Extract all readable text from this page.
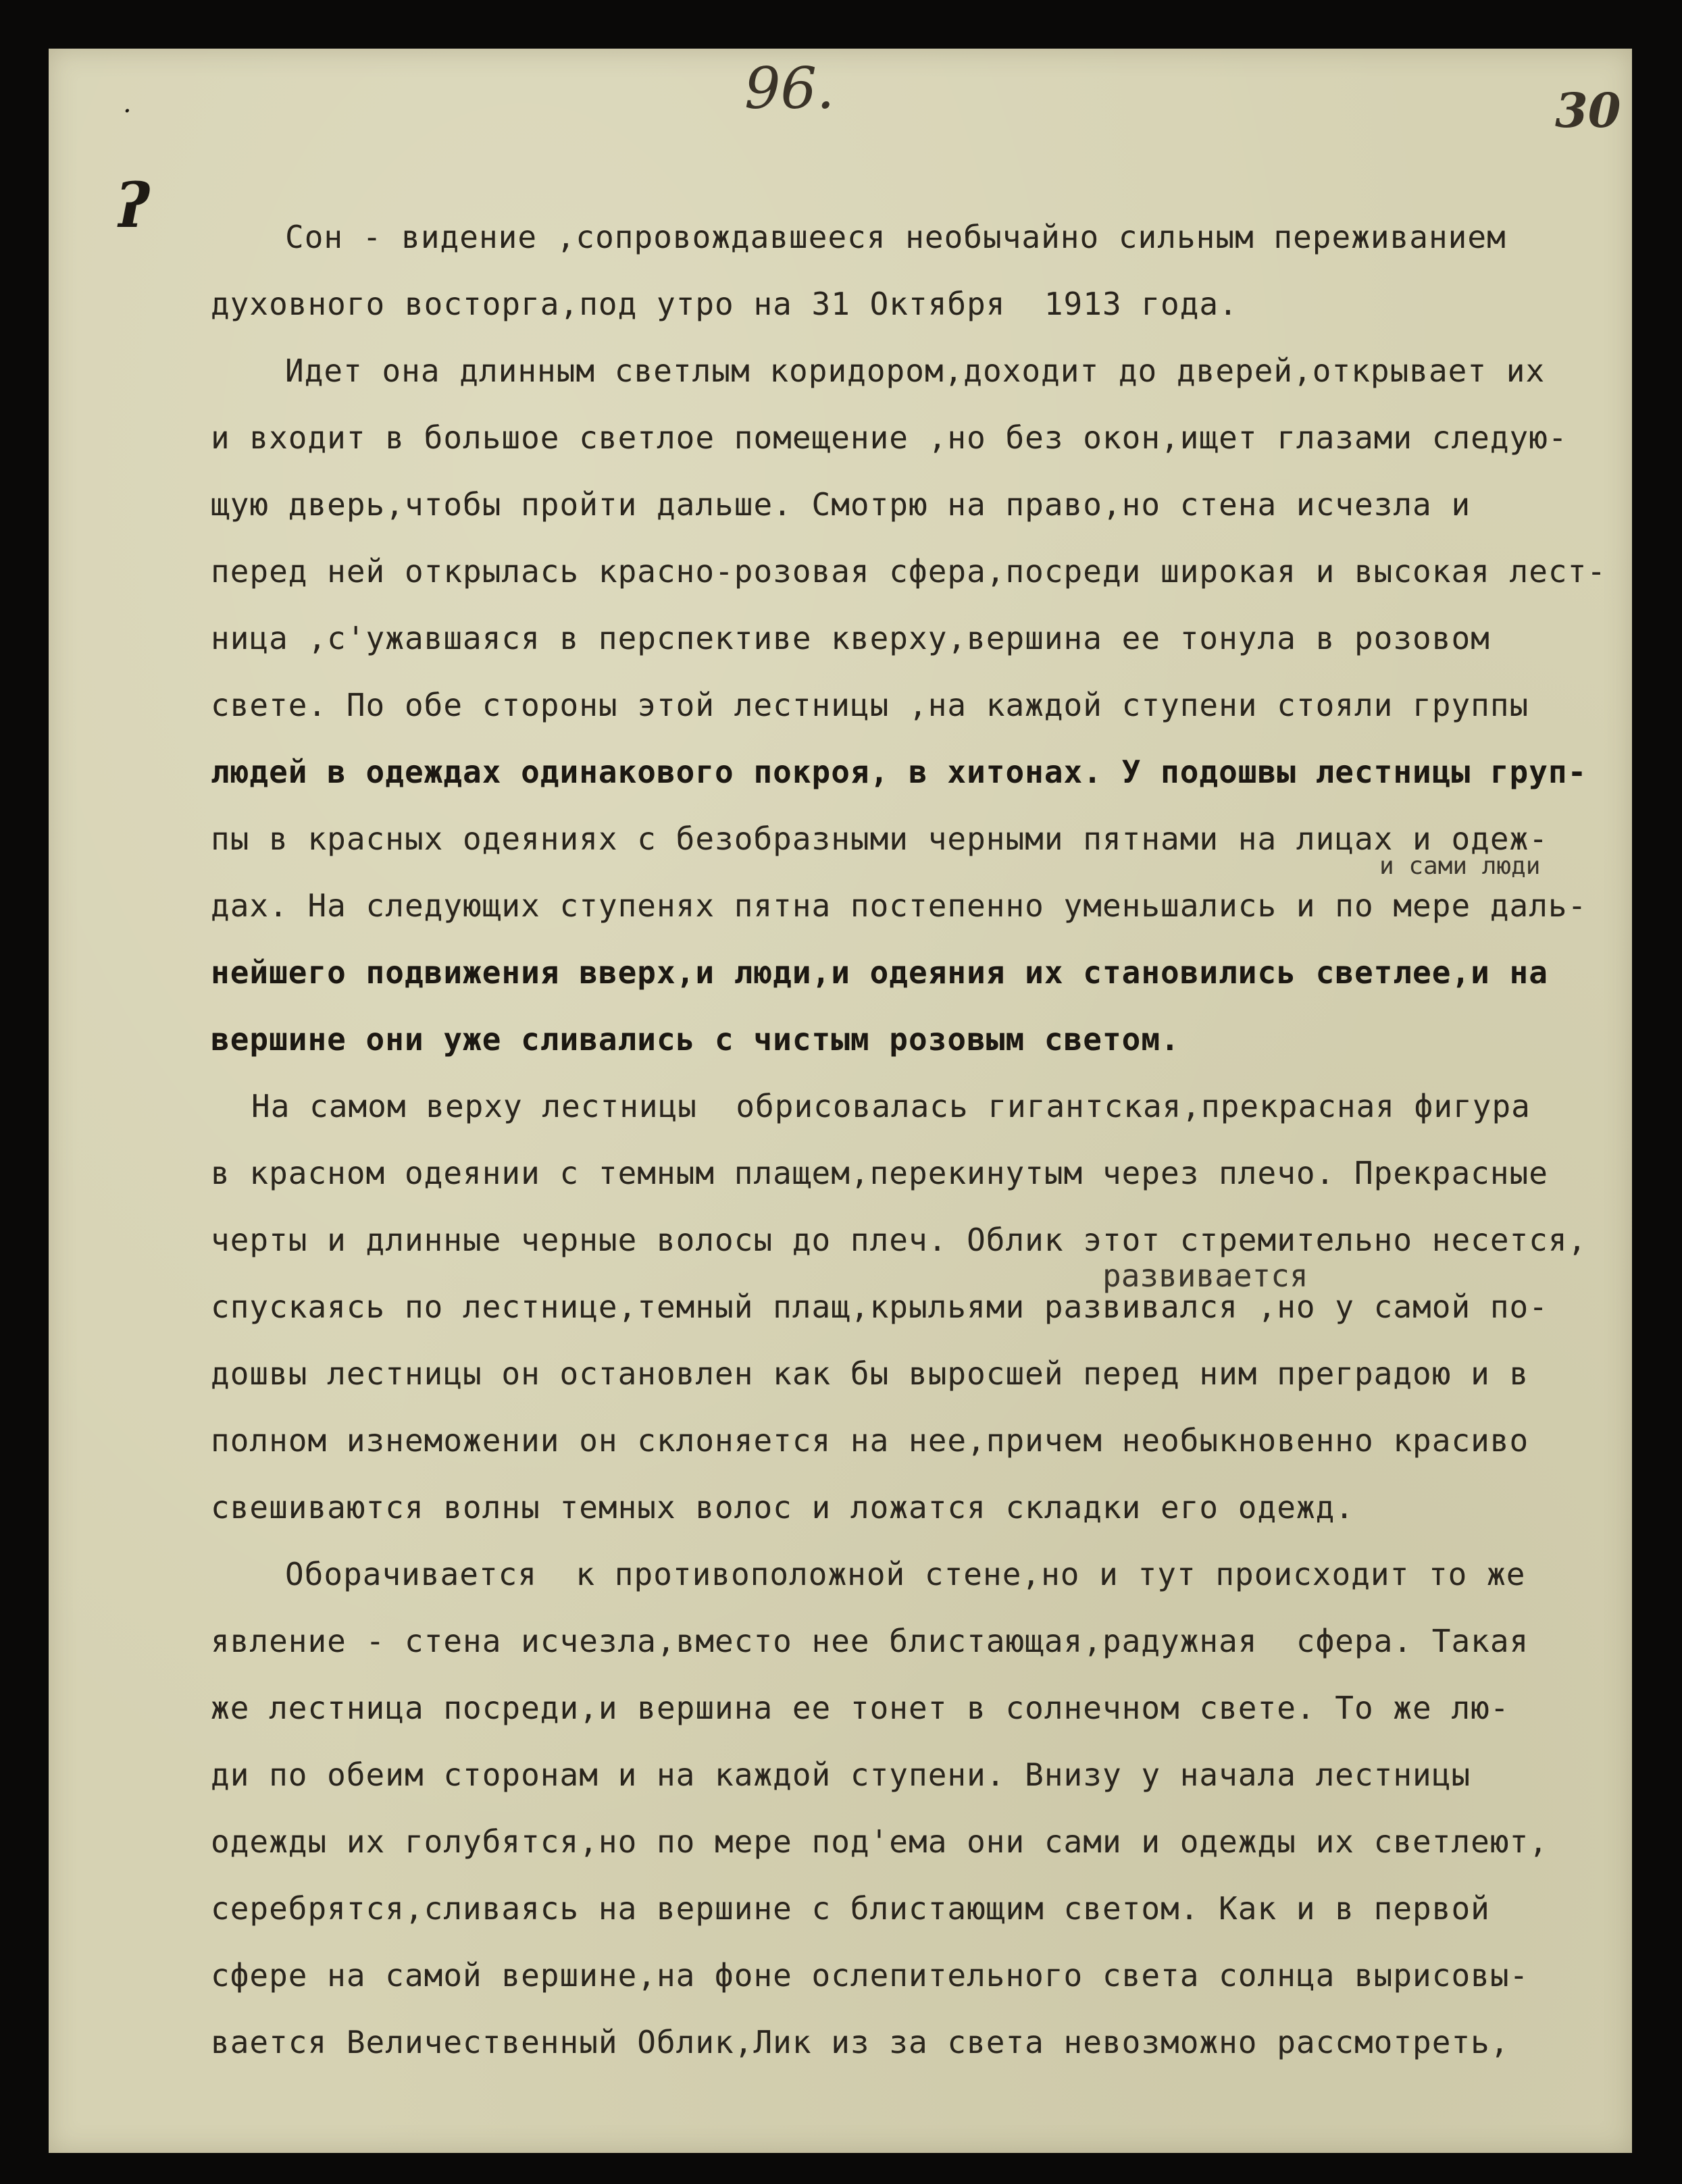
96.	30
ʔ
·
и сами люди
развивается
Сон - видение ,сопровождавшееся необычайно сильным переживанием
духовного восторга,под утро на 31 Октября  1913 года.
Идет она длинным светлым коридором,доходит до дверей,открывает их
и входит в большое светлое помещение ,но без окон,ищет глазами следую-
щую дверь,чтобы пройти дальше. Смотрю на право,но стена исчезла и
перед ней открылась красно-розовая сфера,посреди широкая и высокая лест-
ница ,с'ужавшаяся в перспективе кверху,вершина ее тонула в розовом
свете. По обе стороны этой лестницы ,на каждой ступени стояли группы
людей в одеждах одинакового покроя, в хитонах. У подошвы лестницы груп-
пы в красных одеяниях с безобразными черными пятнами на лицах и одеж-
дах. На следующих ступенях пятна постепенно уменьшались и по мере даль-
нейшего подвижения вверх,и люди,и одеяния их становились светлее,и на
вершине они уже сливались с чистым розовым светом.
На самом верху лестницы  обрисовалась гигантская,прекрасная фигура
в красном одеянии с темным плащем,перекинутым через плечо. Прекрасные
черты и длинные черные волосы до плеч. Облик этот стремительно несется,
спускаясь по лестнице,темный плащ,крыльями развивался ,но у самой по-
дошвы лестницы он остановлен как бы выросшей перед ним преградою и в
полном изнеможении он склоняется на нее,причем необыкновенно красиво
свешиваются волны темных волос и ложатся складки его одежд.
Оборачивается  к противоположной стене,но и тут происходит то же
явление - стена исчезла,вместо нее блистающая,радужная  сфера. Такая
же лестница посреди,и вершина ее тонет в солнечном свете. То же лю-
ди по обеим сторонам и на каждой ступени. Внизу у начала лестницы
одежды их голубятся,но по мере под'ема они сами и одежды их светлеют,
серебрятся,сливаясь на вершине с блистающим светом. Как и в первой
сфере на самой вершине,на фоне ослепительного света солнца вырисовы-
вается Величественный Облик,Лик из за света невозможно рассмотреть,
